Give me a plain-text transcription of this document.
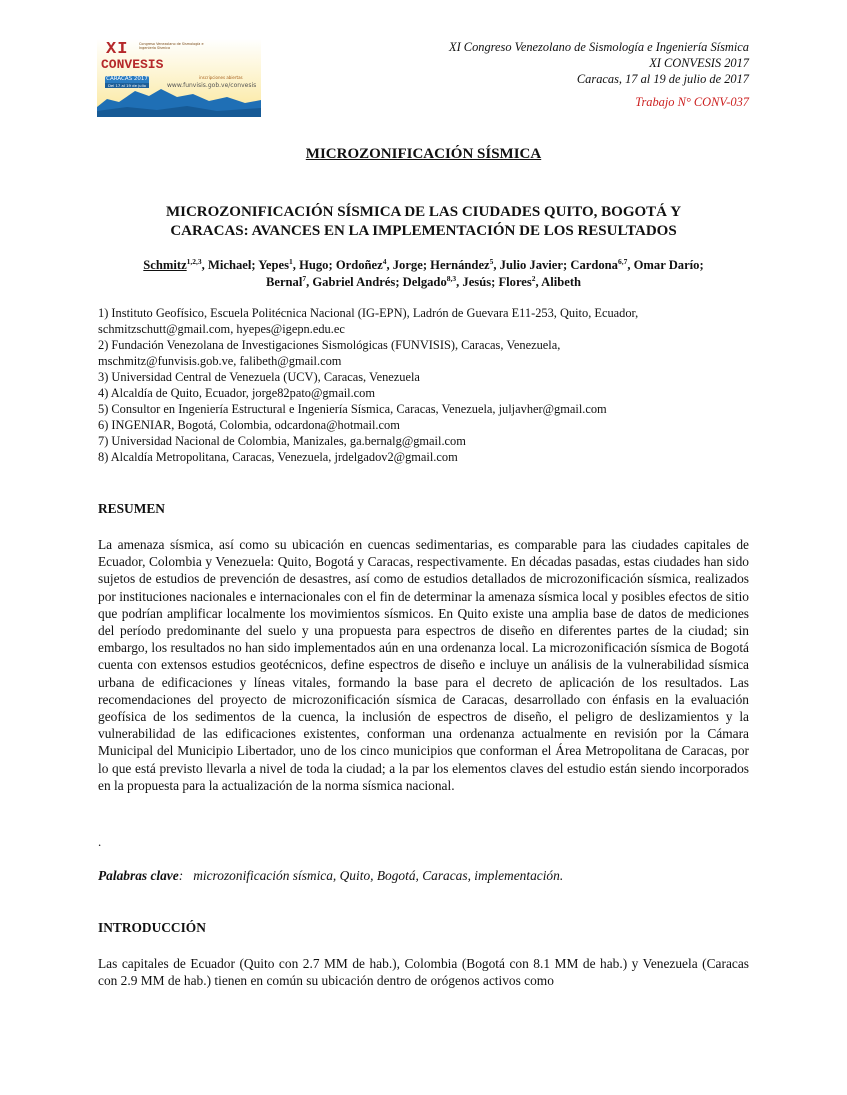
XI
CONVESIS
Congreso Venezolano de Sismología e Ingeniería Sísmica
CARACAS 2017
Del 17 al 19 de julio
inscripciones abiertas
www.funvisis.gob.ve/convesis
XI Congreso Venezolano de Sismología e Ingeniería Sísmica
XI CONVESIS 2017
Caracas, 17 al 19 de julio de 2017
Trabajo N° CONV-037
MICROZONIFICACIÓN SÍSMICA
MICROZONIFICACIÓN SÍSMICA DE LAS CIUDADES QUITO, BOGOTÁ Y
CARACAS: AVANCES EN LA IMPLEMENTACIÓN DE LOS RESULTADOS
Schmitz$^{1,2,3}$, Michael; Yepes$^1$, Hugo; Ordoñez$^4$, Jorge; Hernández$^5$, Julio Javier; Cardona$^{6,7}$, Omar Darío;
Bernal$^7$, Gabriel Andrés; Delgado$^{8,3}$, Jesús; Flores$^2$, Alibeth
1) Instituto Geofísico, Escuela Politécnica Nacional (IG-EPN), Ladrón de Guevara E11-253, Quito, Ecuador,
schmitzschutt@gmail.com, hyepes@igepn.edu.ec
2) Fundación Venezolana de Investigaciones Sismológicas (FUNVISIS), Caracas, Venezuela,
mschmitz@funvisis.gob.ve, falibeth@gmail.com
3) Universidad Central de Venezuela (UCV), Caracas, Venezuela
4) Alcaldía de Quito, Ecuador, jorge82pato@gmail.com
5) Consultor en Ingeniería Estructural e Ingeniería Sísmica, Caracas, Venezuela, juljavher@gmail.com
6) INGENIAR, Bogotá, Colombia, odcardona@hotmail.com
7) Universidad Nacional de Colombia, Manizales, ga.bernalg@gmail.com
8) Alcaldía Metropolitana, Caracas, Venezuela, jrdelgadov2@gmail.com
RESUMEN
La amenaza sísmica, así como su ubicación en cuencas sedimentarias, es comparable para las ciudades capitales de Ecuador, Colombia y Venezuela: Quito, Bogotá y Caracas, respectivamente. En décadas pasadas, estas ciudades han sido sujetos de estudios de prevención de desastres, así como de estudios detallados de microzonificación sísmica, realizados por instituciones nacionales e internacionales con el fin de determinar la amenaza sísmica local y posibles efectos de sitio que podrían amplificar localmente los movimientos sísmicos. En Quito existe una amplia base de datos de mediciones del período predominante del suelo y una propuesta para espectros de diseño en diferentes partes de la ciudad; sin embargo, los resultados no han sido implementados aún en una ordenanza local. La microzonificación sísmica de Bogotá cuenta con extensos estudios geotécnicos, define espectros de diseño e incluye un análisis de la vulnerabilidad sísmica urbana de edificaciones y líneas vitales, formando la base para el decreto de aplicación de los resultados. Las recomendaciones del proyecto de microzonificación sísmica de Caracas, desarrollado con énfasis en la evaluación geofísica de los sedimentos de la cuenca, la inclusión de espectros de diseño, el peligro de deslizamientos y la vulnerabilidad de las edificaciones existentes, conforman una ordenanza actualmente en revisión por la Cámara Municipal del Municipio Libertador, uno de los cinco municipios que conforman el Área Metropolitana de Caracas, por lo que está previsto llevarla a nivel de toda la ciudad; a la par los elementos claves del estudio están siendo incorporados en la propuesta para la actualización de la norma sísmica nacional.
.
Palabras clave: microzonificación sísmica, Quito, Bogotá, Caracas, implementación.
INTRODUCCIÓN
Las capitales de Ecuador (Quito con 2.7 MM de hab.), Colombia (Bogotá con 8.1 MM de hab.) y Venezuela (Caracas con 2.9 MM de hab.) tienen en común su ubicación dentro de orógenos activos como
